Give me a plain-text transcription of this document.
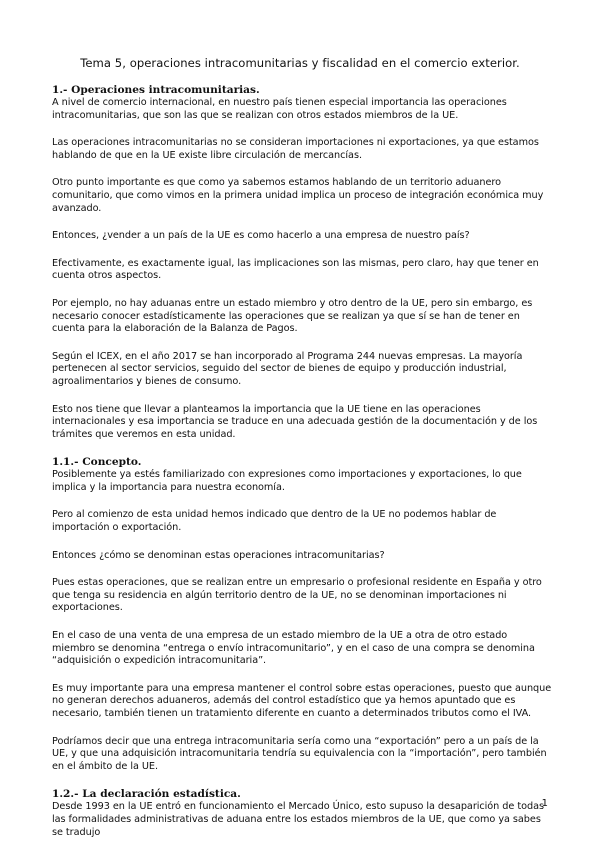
Tema 5, operaciones intracomunitarias y fiscalidad en el comercio exterior.

1.- Operaciones intracomunitarias.

A nivel de comercio internacional, en nuestro país tienen especial importancia las operaciones intracomunitarias, que son las que se realizan con otros estados miembros de la UE.

Las operaciones intracomunitarias no se consideran importaciones ni exportaciones, ya que estamos hablando de que en la UE existe libre circulación de mercancías.

Otro punto importante es que como ya sabemos estamos hablando de un territorio aduanero comunitario, que como vimos en la primera unidad implica un proceso de integración económica muy avanzado.

Entonces, ¿vender a un país de la UE es como hacerlo a una empresa de nuestro país?

Efectivamente, es exactamente igual, las implicaciones son las mismas, pero claro, hay que tener en cuenta otros aspectos.

Por ejemplo, no hay aduanas entre un estado miembro y otro dentro de la UE, pero sin embargo, es necesario conocer estadísticamente las operaciones que se realizan ya que sí se han de tener en cuenta para la elaboración de la Balanza de Pagos.

Según el ICEX, en el año 2017 se han incorporado al Programa 244 nuevas empresas. La mayoría pertenecen al sector servicios, seguido del sector de bienes de equipo y producción industrial, agroalimentarios y bienes de consumo.

Esto nos tiene que llevar a planteamos la importancia que la UE tiene en las operaciones internacionales y esa importancia se traduce en una adecuada gestión de la documentación y de los trámites que veremos en esta unidad.

1.1.- Concepto.

Posiblemente ya estés familiarizado con expresiones como importaciones y exportaciones, lo que implica y la importancia para nuestra economía.

Pero al comienzo de esta unidad hemos indicado que dentro de la UE no podemos hablar de importación o exportación.

Entonces ¿cómo se denominan estas operaciones intracomunitarias?

Pues estas operaciones, que se realizan entre un empresario o profesional residente en España y otro que tenga su residencia en algún territorio dentro de la UE, no se denominan importaciones ni exportaciones.

En el caso de una venta de una empresa de un estado miembro de la UE a otra de otro estado miembro se denomina “entrega o envío intracomunitario”, y en el caso de una compra se denomina “adquisición o expedición intracomunitaria”.

Es muy importante para una empresa mantener el control sobre estas operaciones, puesto que aunque no generan derechos aduaneros, además del control estadístico que ya hemos apuntado que es necesario, también tienen un tratamiento diferente en cuanto a determinados tributos como el IVA.

Podríamos decir que una entrega intracomunitaria sería como una “exportación” pero a un país de la UE, y que una adquisición intracomunitaria tendría su equivalencia con la “importación”, pero también en el ámbito de la UE.

1.2.- La declaración estadística.

Desde 1993 en la UE entró en funcionamiento el Mercado Único, esto supuso la desaparición de todas las formalidades administrativas de aduana entre los estados miembros de la UE, que como ya sabes se tradujo

1
